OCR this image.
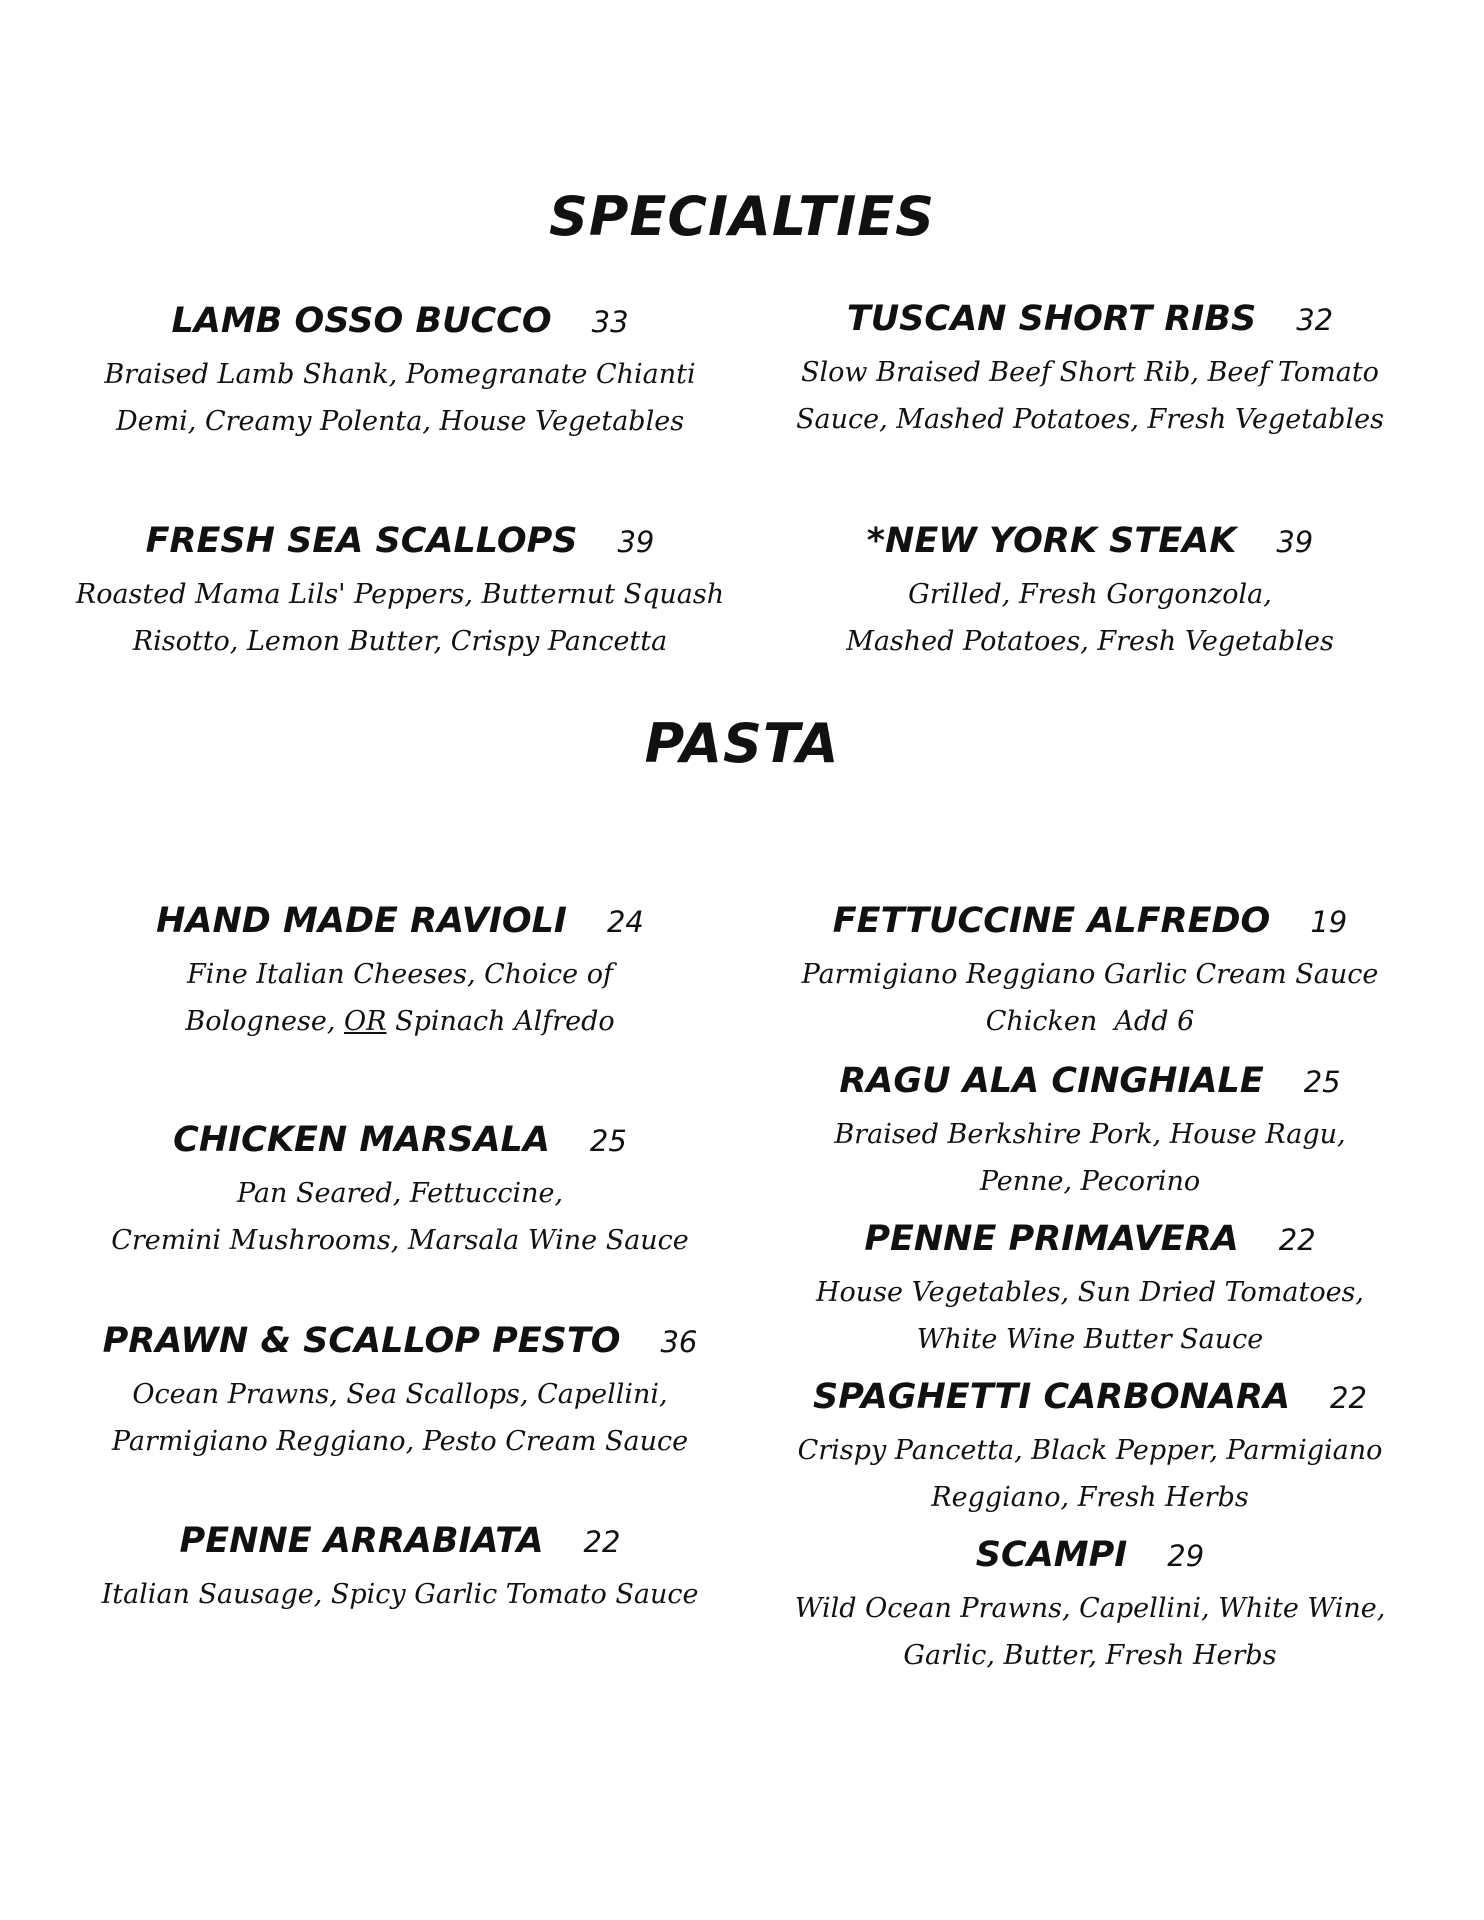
SPECIALTIES
LAMB OSSO BUCCO 33
Braised Lamb Shank, Pomegranate Chianti
Demi, Creamy Polenta, House Vegetables
TUSCAN SHORT RIBS 32
Slow Braised Beef Short Rib, Beef Tomato
Sauce, Mashed Potatoes, Fresh Vegetables
FRESH SEA SCALLOPS 39
Roasted Mama Lils' Peppers, Butternut Squash
Risotto, Lemon Butter, Crispy Pancetta
*NEW YORK STEAK 39
Grilled, Fresh Gorgonzola,
Mashed Potatoes, Fresh Vegetables
PASTA
HAND MADE RAVIOLI 24
Fine Italian Cheeses, Choice of
Bolognese, OR Spinach Alfredo
CHICKEN MARSALA 25
Pan Seared, Fettuccine,
Cremini Mushrooms, Marsala Wine Sauce
PRAWN & SCALLOP PESTO 36
Ocean Prawns, Sea Scallops, Capellini,
Parmigiano Reggiano, Pesto Cream Sauce
PENNE ARRABIATA 22
Italian Sausage, Spicy Garlic Tomato Sauce
FETTUCCINE ALFREDO 19
Parmigiano Reggiano Garlic Cream Sauce
Chicken  Add 6
RAGU ALA CINGHIALE 25
Braised Berkshire Pork, House Ragu,
Penne, Pecorino
PENNE PRIMAVERA 22
House Vegetables, Sun Dried Tomatoes,
White Wine Butter Sauce
SPAGHETTI CARBONARA 22
Crispy Pancetta, Black Pepper, Parmigiano
Reggiano, Fresh Herbs
SCAMPI 29
Wild Ocean Prawns, Capellini, White Wine,
Garlic, Butter, Fresh Herbs
